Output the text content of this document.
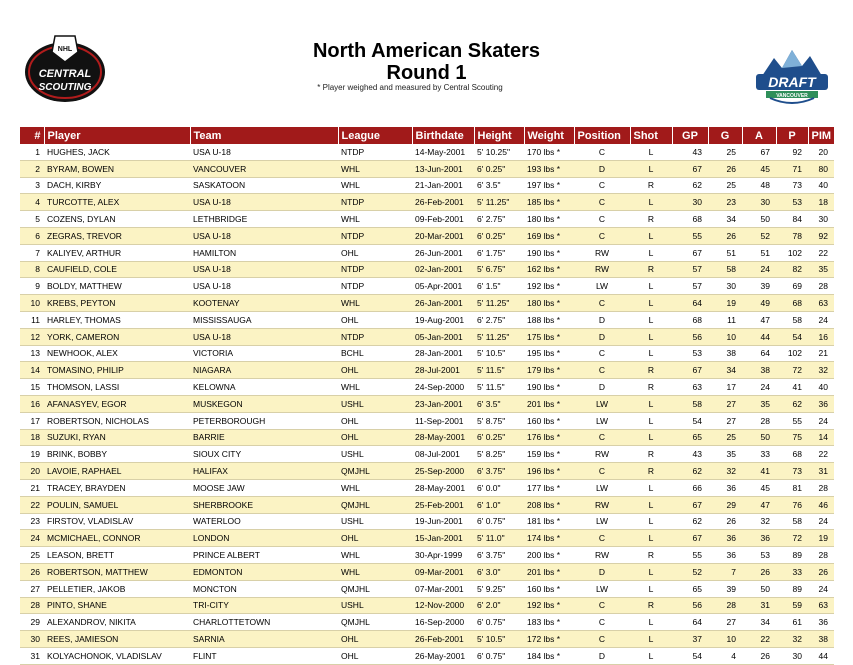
NHL
CENTRAL
SCOUTING	DRAFT
VANCOUVER
North American Skaters
Round 1
* Player weighed and measured by Central Scouting
#	Player	Team	League	Birthdate	Height	Weight	Position	Shot	GP	G	A	P	PIM
1	HUGHES, JACK	USA U-18	NTDP	14-May-2001	5' 10.25"	170 lbs *	C	L	43	25	67	92	20
2	BYRAM, BOWEN	VANCOUVER	WHL	13-Jun-2001	6' 0.25"	193 lbs *	D	L	67	26	45	71	80
3	DACH, KIRBY	SASKATOON	WHL	21-Jan-2001	6' 3.5"	197 lbs *	C	R	62	25	48	73	40
4	TURCOTTE, ALEX	USA U-18	NTDP	26-Feb-2001	5' 11.25"	185 lbs *	C	L	30	23	30	53	18
5	COZENS, DYLAN	LETHBRIDGE	WHL	09-Feb-2001	6' 2.75"	180 lbs *	C	R	68	34	50	84	30
6	ZEGRAS, TREVOR	USA U-18	NTDP	20-Mar-2001	6' 0.25"	169 lbs *	C	L	55	26	52	78	92
7	KALIYEV, ARTHUR	HAMILTON	OHL	26-Jun-2001	6' 1.75"	190 lbs *	RW	L	67	51	51	102	22
8	CAUFIELD, COLE	USA U-18	NTDP	02-Jan-2001	5' 6.75"	162 lbs *	RW	R	57	58	24	82	35
9	BOLDY, MATTHEW	USA U-18	NTDP	05-Apr-2001	6' 1.5"	192 lbs *	LW	L	57	30	39	69	28
10	KREBS, PEYTON	KOOTENAY	WHL	26-Jan-2001	5' 11.25"	180 lbs *	C	L	64	19	49	68	63
11	HARLEY, THOMAS	MISSISSAUGA	OHL	19-Aug-2001	6' 2.75"	188 lbs *	D	L	68	11	47	58	24
12	YORK, CAMERON	USA U-18	NTDP	05-Jan-2001	5' 11.25"	175 lbs *	D	L	56	10	44	54	16
13	NEWHOOK, ALEX	VICTORIA	BCHL	28-Jan-2001	5' 10.5"	195 lbs *	C	L	53	38	64	102	21
14	TOMASINO, PHILIP	NIAGARA	OHL	28-Jul-2001	5' 11.5"	179 lbs *	C	R	67	34	38	72	32
15	THOMSON, LASSI	KELOWNA	WHL	24-Sep-2000	5' 11.5"	190 lbs *	D	R	63	17	24	41	40
16	AFANASYEV, EGOR	MUSKEGON	USHL	23-Jan-2001	6' 3.5"	201 lbs *	LW	L	58	27	35	62	36
17	ROBERTSON, NICHOLAS	PETERBOROUGH	OHL	11-Sep-2001	5' 8.75"	160 lbs *	LW	L	54	27	28	55	24
18	SUZUKI, RYAN	BARRIE	OHL	28-May-2001	6' 0.25"	176 lbs *	C	L	65	25	50	75	14
19	BRINK, BOBBY	SIOUX CITY	USHL	08-Jul-2001	5' 8.25"	159 lbs *	RW	R	43	35	33	68	22
20	LAVOIE, RAPHAEL	HALIFAX	QMJHL	25-Sep-2000	6' 3.75"	196 lbs *	C	R	62	32	41	73	31
21	TRACEY, BRAYDEN	MOOSE JAW	WHL	28-May-2001	6' 0.0"	177 lbs *	LW	L	66	36	45	81	28
22	POULIN, SAMUEL	SHERBROOKE	QMJHL	25-Feb-2001	6' 1.0"	208 lbs *	RW	L	67	29	47	76	46
23	FIRSTOV, VLADISLAV	WATERLOO	USHL	19-Jun-2001	6' 0.75"	181 lbs *	LW	L	62	26	32	58	24
24	MCMICHAEL, CONNOR	LONDON	OHL	15-Jan-2001	5' 11.0"	174 lbs *	C	L	67	36	36	72	19
25	LEASON, BRETT	PRINCE ALBERT	WHL	30-Apr-1999	6' 3.75"	200 lbs *	RW	R	55	36	53	89	28
26	ROBERTSON, MATTHEW	EDMONTON	WHL	09-Mar-2001	6' 3.0"	201 lbs *	D	L	52	7	26	33	26
27	PELLETIER, JAKOB	MONCTON	QMJHL	07-Mar-2001	5' 9.25"	160 lbs *	LW	L	65	39	50	89	24
28	PINTO, SHANE	TRI-CITY	USHL	12-Nov-2000	6' 2.0"	192 lbs *	C	R	56	28	31	59	63
29	ALEXANDROV, NIKITA	CHARLOTTETOWN	QMJHL	16-Sep-2000	6' 0.75"	183 lbs *	C	L	64	27	34	61	36
30	REES, JAMIESON	SARNIA	OHL	26-Feb-2001	5' 10.5"	172 lbs *	C	L	37	10	22	32	38
31	KOLYACHONOK, VLADISLAV	FLINT	OHL	26-May-2001	6' 0.75"	184 lbs *	D	L	54	4	26	30	44
